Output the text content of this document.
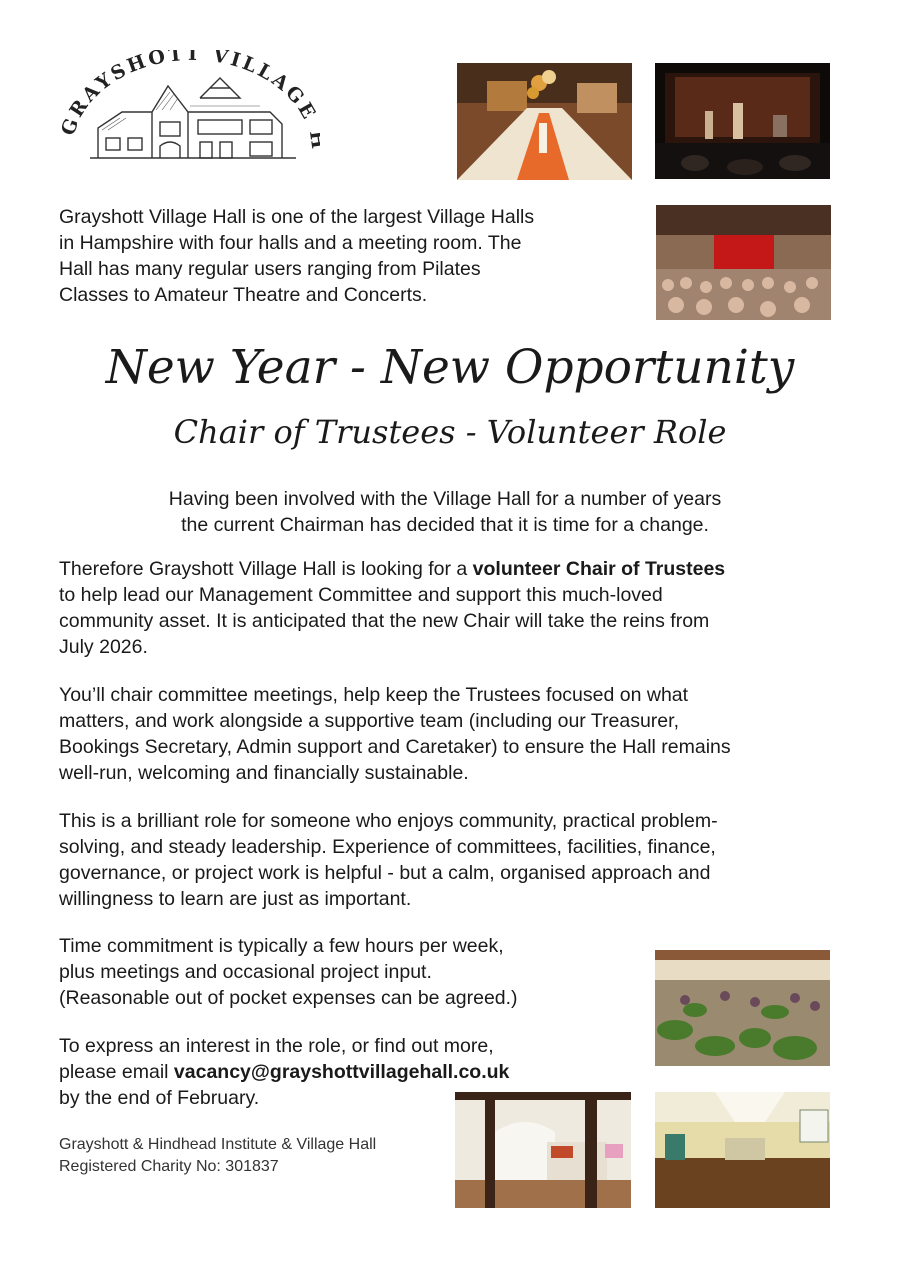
RAYSHOTT VILLAGE

Grayshott Village Hall is one of the largest Village Halls
in Hampshire with four halls and a meeting room. The
Hall has many regular users ranging from Pilates
Classes to Amateur Theatre and Concerts.

New Year - New Opportunity
Chair of Trustees - Volunteer Role

Having been involved with the Village Hall for a number of years
the current Chairman has decided that it is time for a change.

Therefore Grayshott Village Hall is looking for a volunteer Chair of Trustees
to help lead our Management Committee and support this much-loved
community asset. It is anticipated that the new Chair will take the reins from
July 2026.

You’ll chair committee meetings, help keep the Trustees focused on what
matters, and work alongside a supportive team (including our Treasurer,
Bookings Secretary, Admin support and Caretaker) to ensure the Hall remains
well-run, welcoming and financially sustainable.

This is a brilliant role for someone who enjoys community, practical problem-
solving, and steady leadership. Experience of committees, facilities, finance,
governance, or project work is helpful - but a calm, organised approach and
willingness to learn are just as important.

Time commitment is typically a few hours per week,
plus meetings and occasional project input.
(Reasonable out of pocket expenses can be agreed.)

To express an interest in the role, or find out more,
please email vacancy@grayshottvillagehall.co.uk
by the end of February.

Grayshott & Hindhead Institute & Village Hall
Registered Charity No: 301837
